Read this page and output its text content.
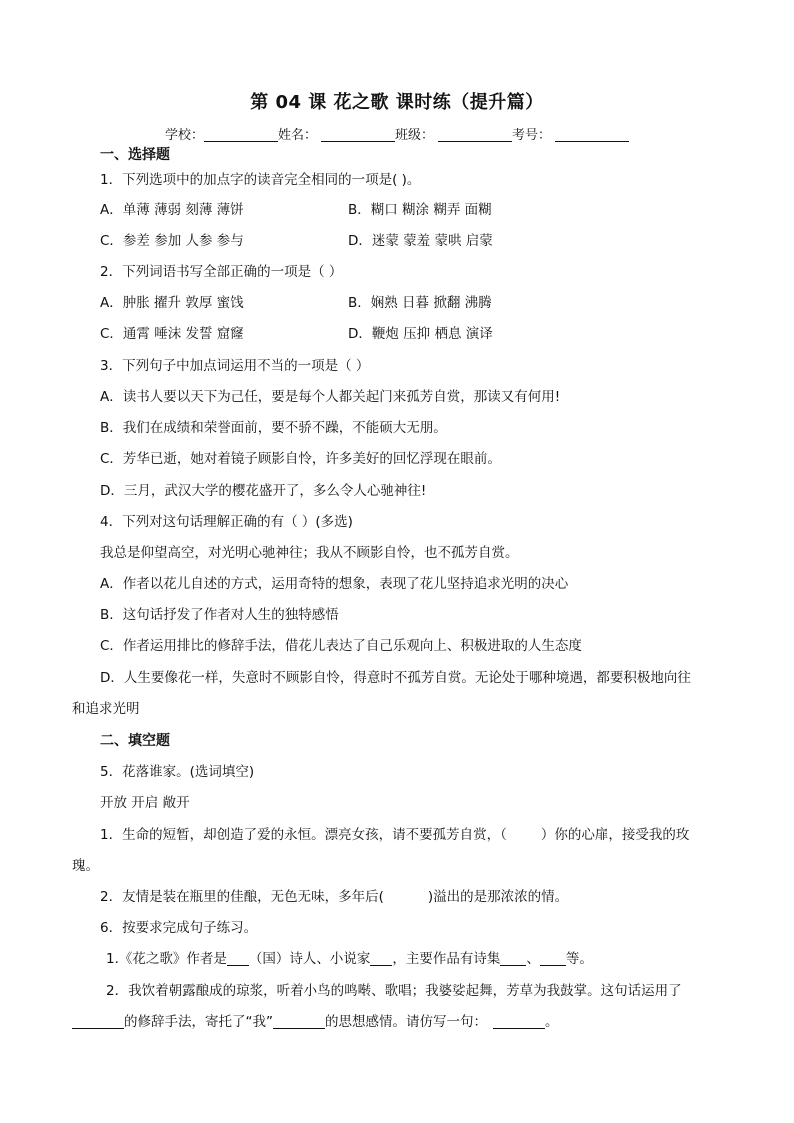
第 04 课 花之歌 课时练（提升篇）
学校：	姓名：	班级：	考号：
一、选择题
1．下列选项中的加点字的读音完全相同的一项是( )。
A．单薄 薄弱 刻薄 薄饼	B．糊口 糊涂 糊弄 面糊
C．参差 参加 人参 参与	D．迷蒙 蒙羞 蒙哄 启蒙
2．下列词语书写全部正确的一项是（ ）
A．肿胀 擢升 敦厚 蜜饯	B．娴熟 日暮 掀翻 沸腾
C．通霄 唾沫 发誓 窟窿	D．鞭炮 压抑 栖息 演译
3．下列句子中加点词运用不当的一项是（ ）
A．读书人要以天下为己任，要是每个人都关起门来孤芳自赏，那读又有何用!
B．我们在成绩和荣誉面前，要不骄不躁，不能硕大无朋。
C．芳华已逝，她对着镜子顾影自怜，许多美好的回忆浮现在眼前。
D．三月，武汉大学的樱花盛开了，多么令人心驰神往!
4．下列对这句话理解正确的有（ ）(多选)
我总是仰望高空，对光明心驰神往；我从不顾影自怜，也不孤芳自赏。
A．作者以花儿自述的方式，运用奇特的想象，表现了花儿坚持追求光明的决心
B．这句话抒发了作者对人生的独特感悟
C．作者运用排比的修辞手法，借花儿表达了自己乐观向上、积极进取的人生态度
D．人生要像花一样，失意时不顾影自怜，得意时不孤芳自赏。无论处于哪种境遇，都要积极地向往
和追求光明
二、填空题
5．花落谁家。(选词填空)
开放 开启 敞开
1．生命的短暂，却创造了爱的永恒。漂亮女孩，请不要孤芳自赏，（	）你的心扉，接受我的玫
瑰。
2．友情是装在瓶里的佳酿，无色无味，多年后(	)溢出的是那浓浓的情。
6．按要求完成句子练习。
1.《花之歌》作者是 （国）诗人、小说家 ，主要作品有诗集 、 等。
2．我饮着朝露酿成的琼浆，听着小鸟的鸣啭、歌唱；我婆娑起舞，芳草为我鼓掌。这句话运用了
的修辞手法，寄托了“我”	的思想感情。请仿写一句：	。
